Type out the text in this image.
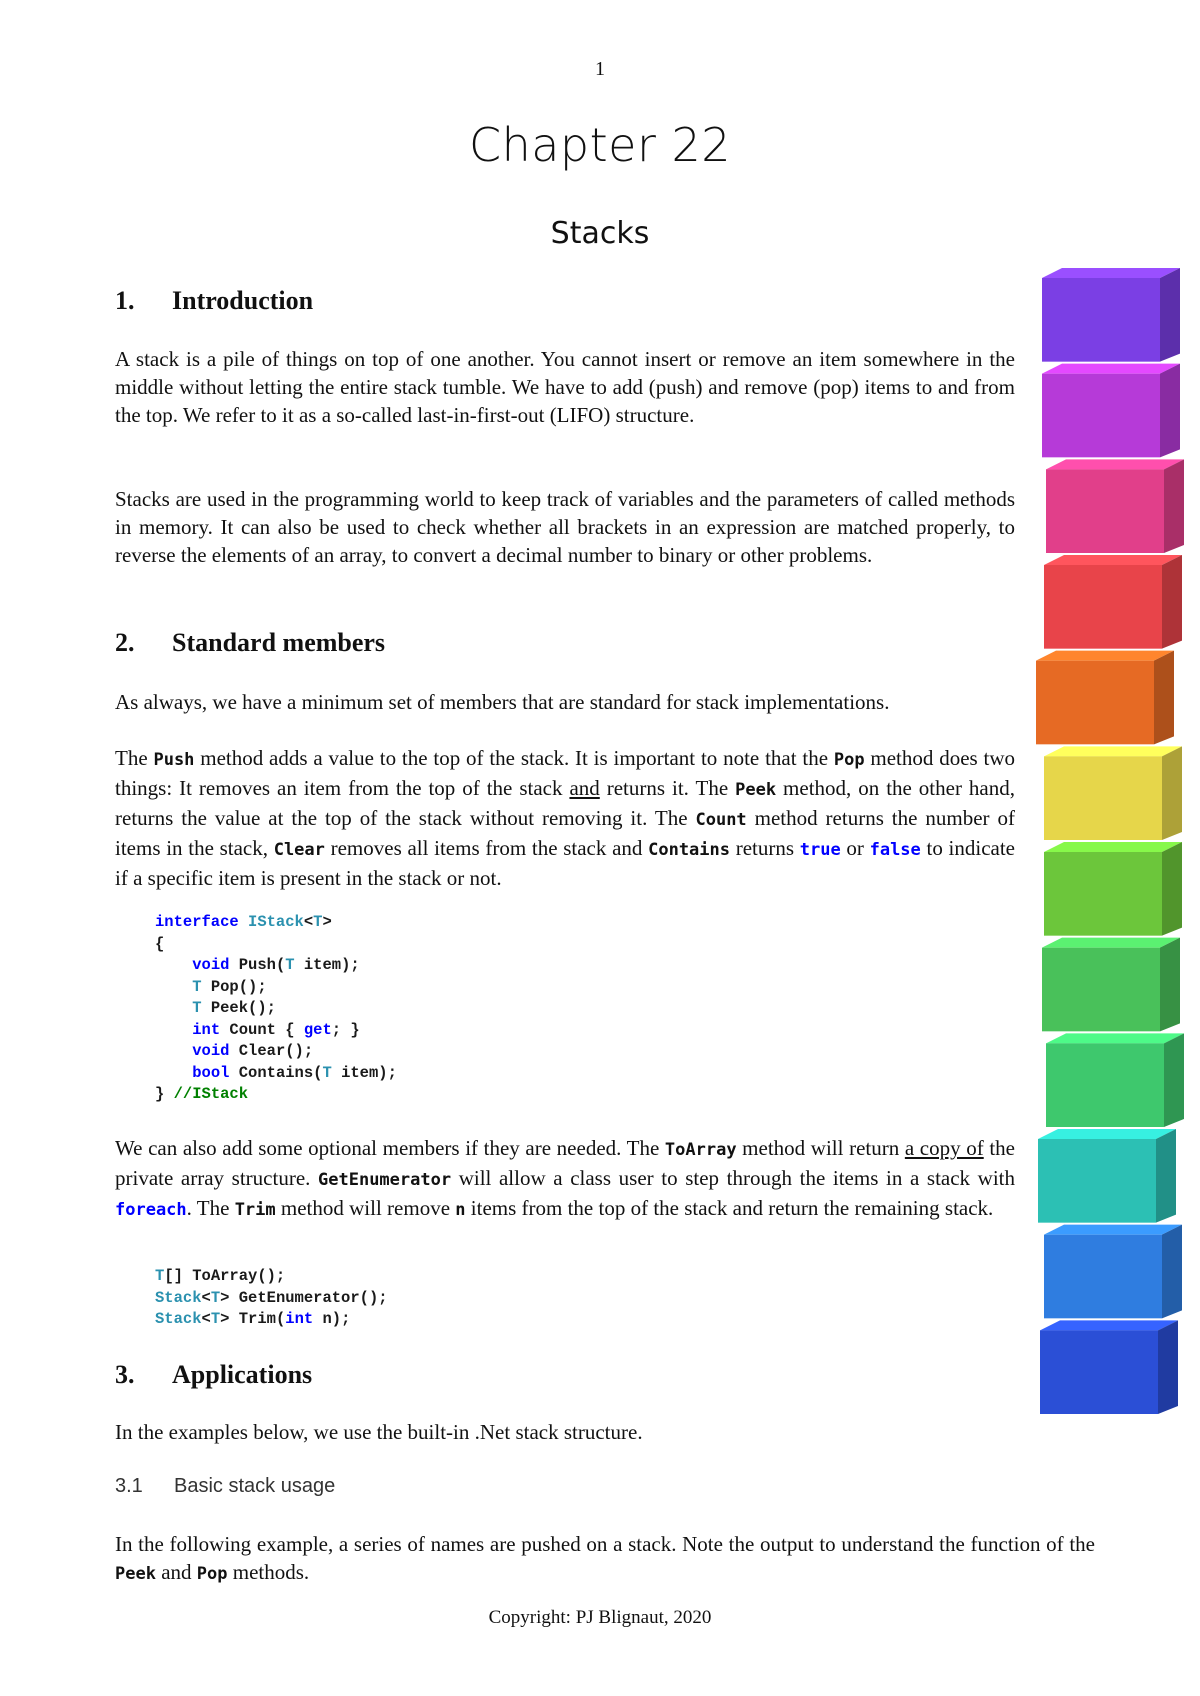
1
Chapter 22
Stacks
1. Introduction
A stack is a pile of things on top of one another. You cannot insert or remove an item somewhere in the middle without letting the entire stack tumble. We have to add (push) and remove (pop) items to and from the top. We refer to it as a so-called last-in-first-out (LIFO) structure.
Stacks are used in the programming world to keep track of variables and the parameters of called methods in memory. It can also be used to check whether all brackets in an expression are matched properly, to reverse the elements of an array, to convert a decimal number to binary or other problems.
2. Standard members
As always, we have a minimum set of members that are standard for stack implementations.
The Push method adds a value to the top of the stack. It is important to note that the Pop method does two things: It removes an item from the top of the stack and returns it. The Peek method, on the other hand, returns the value at the top of the stack without removing it. The Count method returns the number of items in the stack, Clear removes all items from the stack and Contains returns true or false to indicate if a specific item is present in the stack or not.
interface IStack<T>
{
void Push(T item);
T Pop();
T Peek();
int Count { get; }
void Clear();
bool Contains(T item);
} //IStack
We can also add some optional members if they are needed. The ToArray method will return a copy of the private array structure. GetEnumerator will allow a class user to step through the items in a stack with foreach. The Trim method will remove n items from the top of the stack and return the remaining stack.
T[] ToArray();
Stack<T> GetEnumerator();
Stack<T> Trim(int n);
3. Applications
In the examples below, we use the built-in .Net stack structure.
3.1 Basic stack usage
In the following example, a series of names are pushed on a stack. Note the output to understand the function of the Peek and Pop methods.
Copyright: PJ Blignaut, 2020
